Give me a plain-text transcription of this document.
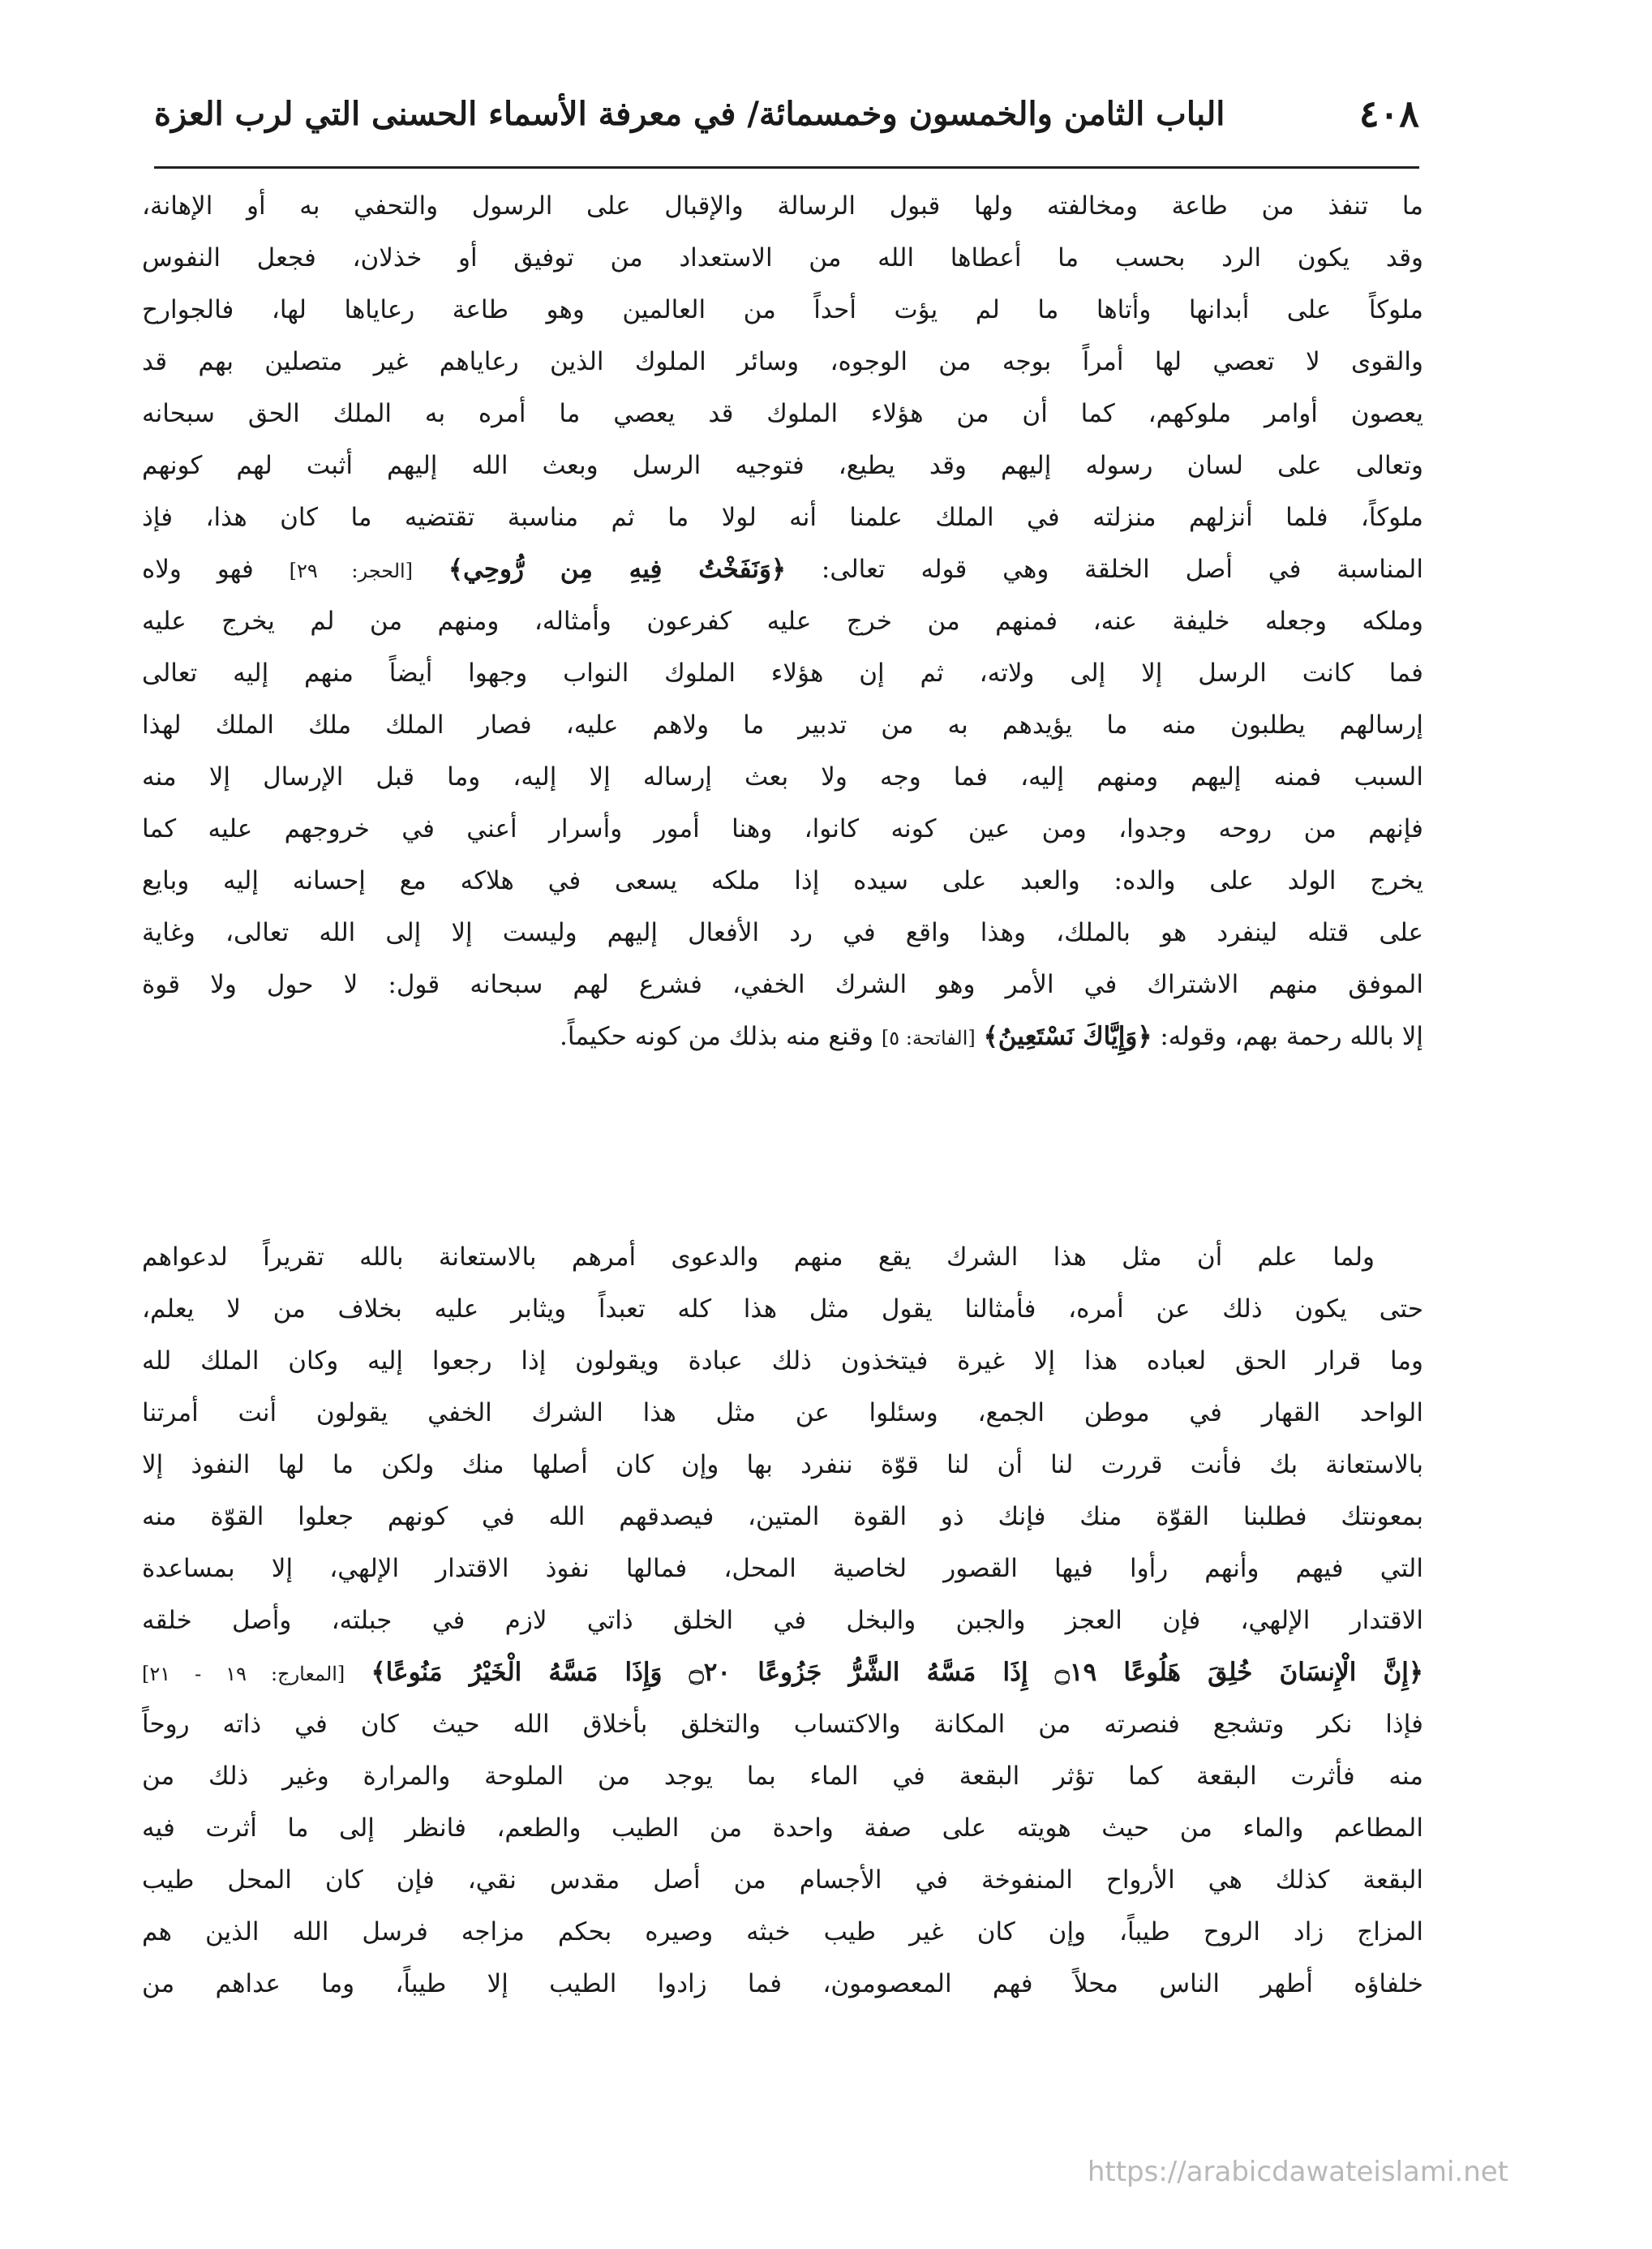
٤٠٨
الباب الثامن والخمسون وخمسمائة/ في معرفة الأسماء الحسنى التي لرب العزة
ما تنفذ من طاعة ومخالفته ولها قبول الرسالة والإقبال على الرسول والتحفي به أو الإهانة،
وقد يكون الرد بحسب ما أعطاها الله من الاستعداد من توفيق أو خذلان، فجعل النفوس
ملوكاً على أبدانها وأتاها ما لم يؤت أحداً من العالمين وهو طاعة رعاياها لها، فالجوارح
والقوى لا تعصي لها أمراً بوجه من الوجوه، وسائر الملوك الذين رعاياهم غير متصلين بهم قد
يعصون أوامر ملوكهم، كما أن من هؤلاء الملوك قد يعصي ما أمره به الملك الحق سبحانه
وتعالى على لسان رسوله إليهم وقد يطيع، فتوجيه الرسل وبعث الله إليهم أثبت لهم كونهم
ملوكاً، فلما أنزلهم منزلته في الملك علمنا أنه لولا ما ثم مناسبة تقتضيه ما كان هذا، فإذ
المناسبة في أصل الخلقة وهي قوله تعالى: ﴿وَنَفَخْتُ فِيهِ مِن رُّوحِي﴾ [الحجر: ٢٩] فهو ولاه
وملكه وجعله خليفة عنه، فمنهم من خرج عليه كفرعون وأمثاله، ومنهم من لم يخرج عليه
فما كانت الرسل إلا إلى ولاته، ثم إن هؤلاء الملوك النواب وجهوا أيضاً منهم إليه تعالى
إرسالهم يطلبون منه ما يؤيدهم به من تدبير ما ولاهم عليه، فصار الملك ملك الملك لهذا
السبب فمنه إليهم ومنهم إليه، فما وجه ولا بعث إرساله إلا إليه، وما قبل الإرسال إلا منه
فإنهم من روحه وجدوا، ومن عين كونه كانوا، وهنا أمور وأسرار أعني في خروجهم عليه كما
يخرج الولد على والده: والعبد على سيده إذا ملكه يسعى في هلاكه مع إحسانه إليه وبايع
على قتله لينفرد هو بالملك، وهذا واقع في رد الأفعال إليهم وليست إلا إلى الله تعالى، وغاية
الموفق منهم الاشتراك في الأمر وهو الشرك الخفي، فشرع لهم سبحانه قول: لا حول ولا قوة
إلا بالله رحمة بهم، وقوله: ﴿وَإِيَّاكَ نَسْتَعِينُ﴾ [الفاتحة: ٥] وقنع منه بذلك من كونه حكيماً.
ولما علم أن مثل هذا الشرك يقع منهم والدعوى أمرهم بالاستعانة بالله تقريراً لدعواهم
حتى يكون ذلك عن أمره، فأمثالنا يقول مثل هذا كله تعبداً ويثابر عليه بخلاف من لا يعلم،
وما قرار الحق لعباده هذا إلا غيرة فيتخذون ذلك عبادة ويقولون إذا رجعوا إليه وكان الملك لله
الواحد القهار في موطن الجمع، وسئلوا عن مثل هذا الشرك الخفي يقولون أنت أمرتنا
بالاستعانة بك فأنت قررت لنا أن لنا قوّة ننفرد بها وإن كان أصلها منك ولكن ما لها النفوذ إلا
بمعونتك فطلبنا القوّة منك فإنك ذو القوة المتين، فيصدقهم الله في كونهم جعلوا القوّة منه
التي فيهم وأنهم رأوا فيها القصور لخاصية المحل، فمالها نفوذ الاقتدار الإلهي، إلا بمساعدة
الاقتدار الإلهي، فإن العجز والجبن والبخل في الخلق ذاتي لازم في جبلته، وأصل خلقه
﴿إِنَّ الْإِنسَانَ خُلِقَ هَلُوعًا ۝١٩ إِذَا مَسَّهُ الشَّرُّ جَزُوعًا ۝٢٠ وَإِذَا مَسَّهُ الْخَيْرُ مَنُوعًا﴾ [المعارج: ١٩ - ٢١]
فإذا نكر وتشجع فنصرته من المكانة والاكتساب والتخلق بأخلاق الله حيث كان في ذاته روحاً
منه فأثرت البقعة كما تؤثر البقعة في الماء بما يوجد من الملوحة والمرارة وغير ذلك من
المطاعم والماء من حيث هويته على صفة واحدة من الطيب والطعم، فانظر إلى ما أثرت فيه
البقعة كذلك هي الأرواح المنفوخة في الأجسام من أصل مقدس نقي، فإن كان المحل طيب
المزاج زاد الروح طيباً، وإن كان غير طيب خبثه وصيره بحكم مزاجه فرسل الله الذين هم
خلفاؤه أطهر الناس محلاً فهم المعصومون، فما زادوا الطيب إلا طيباً، وما عداهم من
https://arabicdawateislami.net
